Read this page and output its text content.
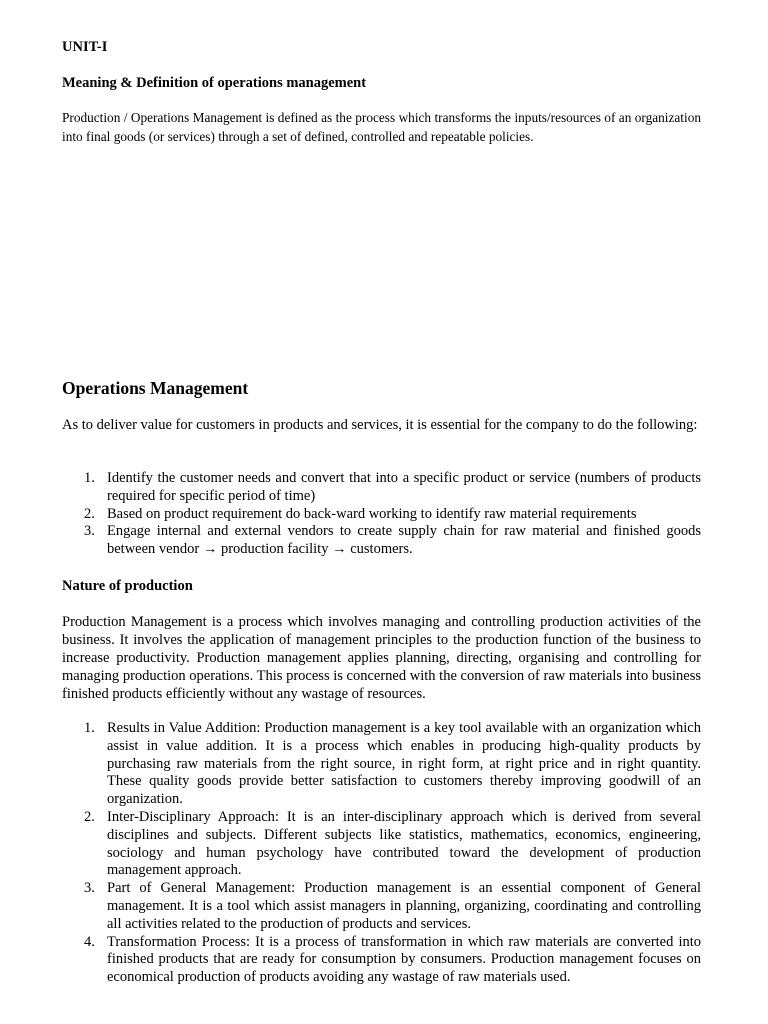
UNIT-I

Meaning & Definition of operations management

Production / Operations Management is defined as the process which transforms the inputs/resources of an organization into final goods (or services) through a set of defined, controlled and repeatable policies.

Operations Management

As to deliver value for customers in products and services, it is essential for the company to do the following:

1. Identify the customer needs and convert that into a specific product or service (numbers of products required for specific period of time)
2. Based on product requirement do back-ward working to identify raw material requirements
3. Engage internal and external vendors to create supply chain for raw material and finished goods between vendor → production facility → customers.

Nature of production

Production Management is a process which involves managing and controlling production activities of the business. It involves the application of management principles to the production function of the business to increase productivity. Production management applies planning, directing, organising and controlling for managing production operations. This process is concerned with the conversion of raw materials into business finished products efficiently without any wastage of resources.

1. Results in Value Addition: Production management is a key tool available with an organization which assist in value addition. It is a process which enables in producing high-quality products by purchasing raw materials from the right source, in right form, at right price and in right quantity. These quality goods provide better satisfaction to customers thereby improving goodwill of an organization.
2. Inter-Disciplinary Approach: It is an inter-disciplinary approach which is derived from several disciplines and subjects. Different subjects like statistics, mathematics, economics, engineering, sociology and human psychology have contributed toward the development of production management approach.
3. Part of General Management: Production management is an essential component of General management. It is a tool which assist managers in planning, organizing, coordinating and controlling all activities related to the production of products and services.
4. Transformation Process: It is a process of transformation in which raw materials are converted into finished products that are ready for consumption by consumers. Production management focuses on economical production of products avoiding any wastage of raw materials used.
